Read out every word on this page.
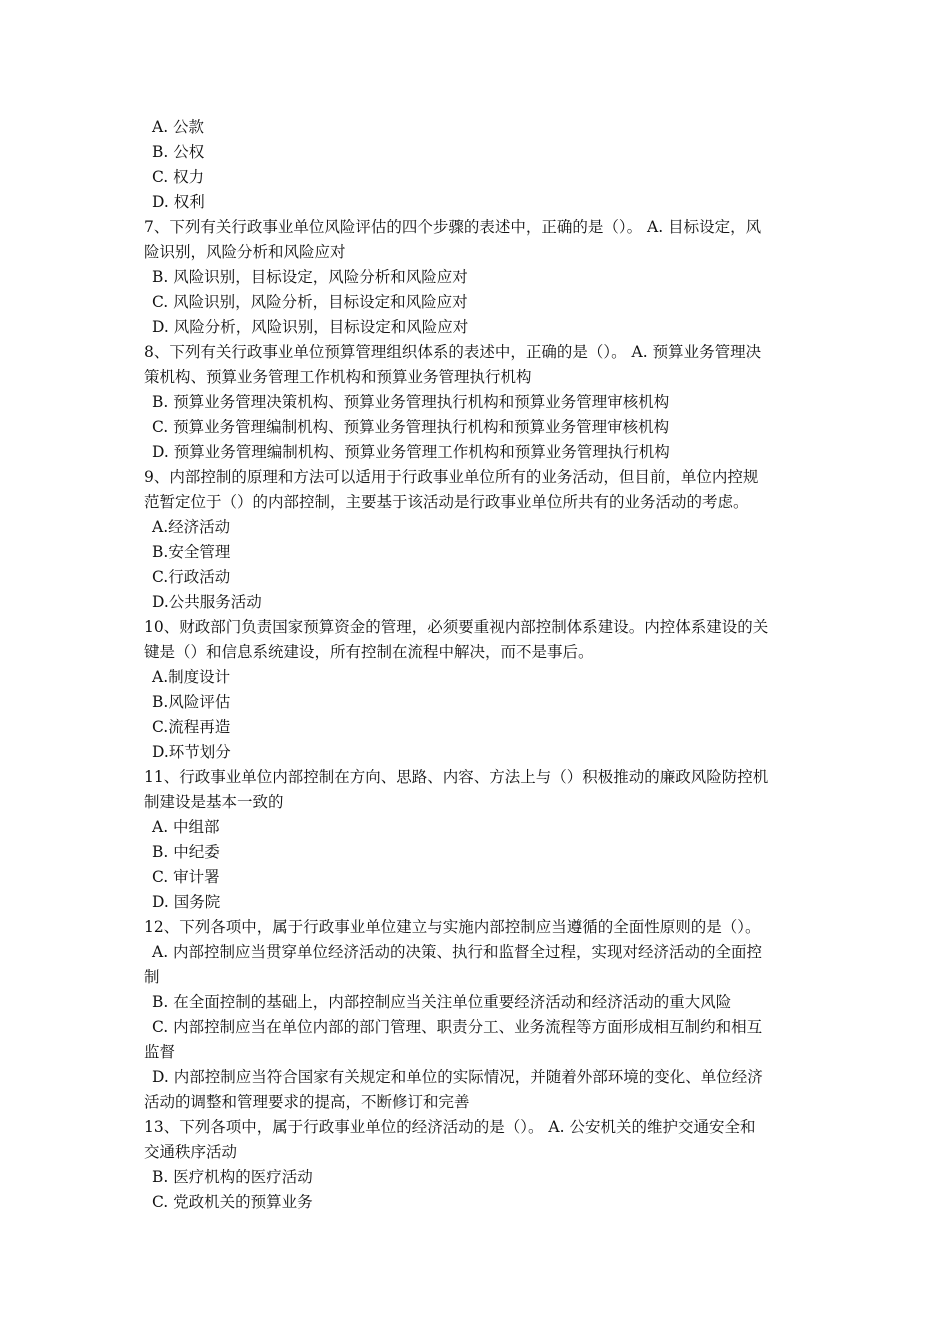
A. 公款
B. 公权
C. 权力
D. 权利
7、下列有关行政事业单位风险评估的四个步骤的表述中，正确的是（）。 A. 目标设定，风
险识别，风险分析和风险应对
B. 风险识别，目标设定，风险分析和风险应对
C. 风险识别，风险分析，目标设定和风险应对
D. 风险分析，风险识别，目标设定和风险应对
8、下列有关行政事业单位预算管理组织体系的表述中，正确的是（）。 A. 预算业务管理决
策机构、预算业务管理工作机构和预算业务管理执行机构
B. 预算业务管理决策机构、预算业务管理执行机构和预算业务管理审核机构
C. 预算业务管理编制机构、预算业务管理执行机构和预算业务管理审核机构
D. 预算业务管理编制机构、预算业务管理工作机构和预算业务管理执行机构
9、内部控制的原理和方法可以适用于行政事业单位所有的业务活动，但目前，单位内控规
范暂定位于（）的内部控制，主要基于该活动是行政事业单位所共有的业务活动的考虑。
A.经济活动
B.安全管理
C.行政活动
D.公共服务活动
10、财政部门负责国家预算资金的管理，必须要重视内部控制体系建设。内控体系建设的关
键是（）和信息系统建设，所有控制在流程中解决，而不是事后。
A.制度设计
B.风险评估
C.流程再造
D.环节划分
11、行政事业单位内部控制在方向、思路、内容、方法上与（）积极推动的廉政风险防控机
制建设是基本一致的
A. 中组部
B. 中纪委
C. 审计署
D. 国务院
12、下列各项中，属于行政事业单位建立与实施内部控制应当遵循的全面性原则的是（）。
A. 内部控制应当贯穿单位经济活动的决策、执行和监督全过程，实现对经济活动的全面控
制
B. 在全面控制的基础上，内部控制应当关注单位重要经济活动和经济活动的重大风险
C. 内部控制应当在单位内部的部门管理、职责分工、业务流程等方面形成相互制约和相互
监督
D. 内部控制应当符合国家有关规定和单位的实际情况，并随着外部环境的变化、单位经济
活动的调整和管理要求的提高，不断修订和完善
13、下列各项中，属于行政事业单位的经济活动的是（）。 A. 公安机关的维护交通安全和
交通秩序活动
B. 医疗机构的医疗活动
C. 党政机关的预算业务
